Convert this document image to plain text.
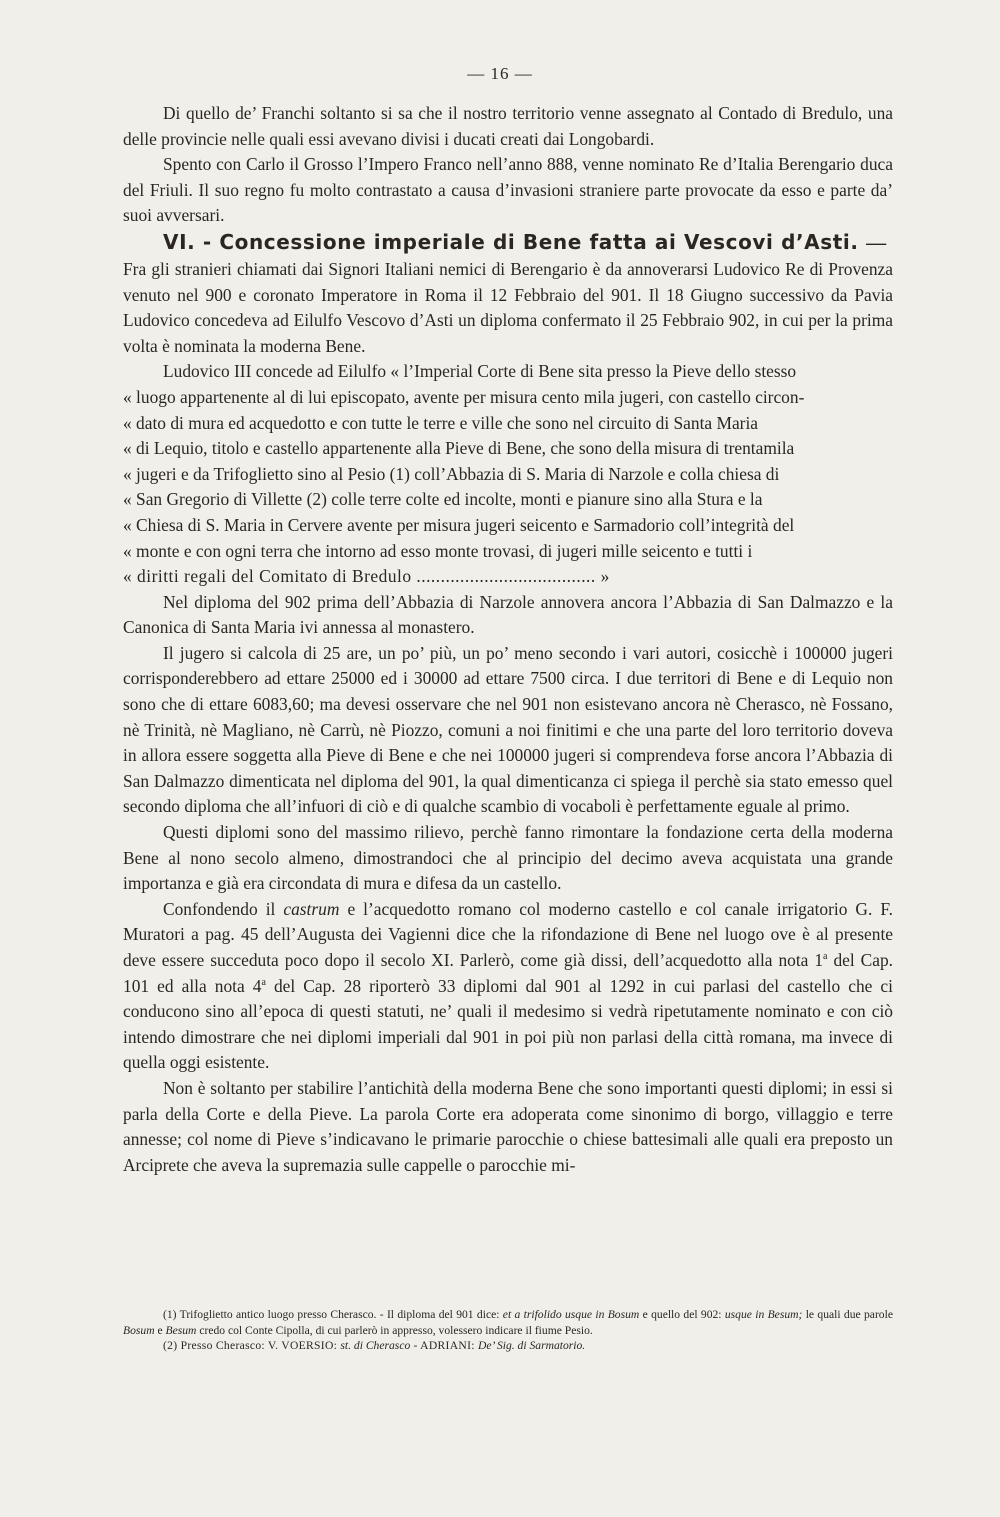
— 16 —

Di quello de’ Franchi soltanto si sa che il nostro territorio venne assegnato al Contado di Bredulo, una delle provincie nelle quali essi avevano divisi i ducati creati dai Longobardi.

Spento con Carlo il Grosso l’Impero Franco nell’anno 888, venne nominato Re d’Italia Berengario duca del Friuli. Il suo regno fu molto contrastato a causa d’invasioni straniere parte provocate da esso e parte da’ suoi avversari.

VI. - Concessione imperiale di Bene fatta ai Vescovi d’Asti. —

Fra gli stranieri chiamati dai Signori Italiani nemici di Berengario è da annoverarsi Ludovico Re di Provenza venuto nel 900 e coronato Imperatore in Roma il 12 Febbraio del 901. Il 18 Giugno successivo da Pavia Ludovico concedeva ad Eilulfo Vescovo d’Asti un diploma confermato il 25 Febbraio 902, in cui per la prima volta è nominata la moderna Bene.

Ludovico III concede ad Eilulfo « l’Imperial Corte di Bene sita presso la Pieve dello stesso

« luogo appartenente al di lui episcopato, avente per misura cento mila jugeri, con castello circon-
« dato di mura ed acquedotto e con tutte le terre e ville che sono nel circuito di Santa Maria
« di Lequio, titolo e castello appartenente alla Pieve di Bene, che sono della misura di trentamila
« jugeri e da Trifoglietto sino al Pesio (1) coll’Abbazia di S. Maria di Narzole e colla chiesa di
« San Gregorio di Villette (2) colle terre colte ed incolte, monti e pianure sino alla Stura e la
« Chiesa di S. Maria in Cervere avente per misura jugeri seicento e Sarmadorio coll’integrità del
« monte e con ogni terra che intorno ad esso monte trovasi, di jugeri mille seicento e tutti i
« diritti regali del Comitato di Bredulo ..................................... »

Nel diploma del 902 prima dell’Abbazia di Narzole annovera ancora l’Abbazia di San Dalmazzo e la Canonica di Santa Maria ivi annessa al monastero.

Il jugero si calcola di 25 are, un po’ più, un po’ meno secondo i vari autori, cosicchè i 100000 jugeri corrisponderebbero ad ettare 25000 ed i 30000 ad ettare 7500 circa. I due territori di Bene e di Lequio non sono che di ettare 6083,60; ma devesi osservare che nel 901 non esistevano ancora nè Cherasco, nè Fossano, nè Trinità, nè Magliano, nè Carrù, nè Piozzo, comuni a noi finitimi e che una parte del loro territorio doveva in allora essere soggetta alla Pieve di Bene e che nei 100000 jugeri si comprendeva forse ancora l’Abbazia di San Dalmazzo dimenticata nel diploma del 901, la qual dimenticanza ci spiega il perchè sia stato emesso quel secondo diploma che all’infuori di ciò e di qualche scambio di vocaboli è perfettamente eguale al primo.

Questi diplomi sono del massimo rilievo, perchè fanno rimontare la fondazione certa della moderna Bene al nono secolo almeno, dimostrandoci che al principio del decimo aveva acquistata una grande importanza e già era circondata di mura e difesa da un castello.

Confondendo il castrum e l’acquedotto romano col moderno castello e col canale irrigatorio G. F. Muratori a pag. 45 dell’Augusta dei Vagienni dice che la rifondazione di Bene nel luogo ove è al presente deve essere succeduta poco dopo il secolo XI. Parlerò, come già dissi, dell’acquedotto alla nota 1$^a$ del Cap. 101 ed alla nota 4$^a$ del Cap. 28 riporterò 33 diplomi dal 901 al 1292 in cui parlasi del castello che ci conducono sino all’epoca di questi statuti, ne’ quali il medesimo si vedrà ripetutamente nominato e con ciò intendo dimostrare che nei diplomi imperiali dal 901 in poi più non parlasi della città romana, ma invece di quella oggi esistente.

Non è soltanto per stabilire l’antichità della moderna Bene che sono importanti questi diplomi; in essi si parla della Corte e della Pieve. La parola Corte era adoperata come sinonimo di borgo, villaggio e terre annesse; col nome di Pieve s’indicavano le primarie parocchie o chiese battesimali alle quali era preposto un Arciprete che aveva la supremazia sulle cappelle o parocchie mi-

(1) Trifoglietto antico luogo presso Cherasco. - Il diploma del 901 dice: et a trifolido usque in Bosum e quello del 902: usque in Besum; le quali due parole Bosum e Besum credo col Conte Cipolla, di cui parlerò in appresso, volessero indicare il fiume Pesio.

(2) Presso Cherasco: V. VOERSIO: st. di Cherasco - ADRIANI: De’ Sig. di Sarmatorio.
